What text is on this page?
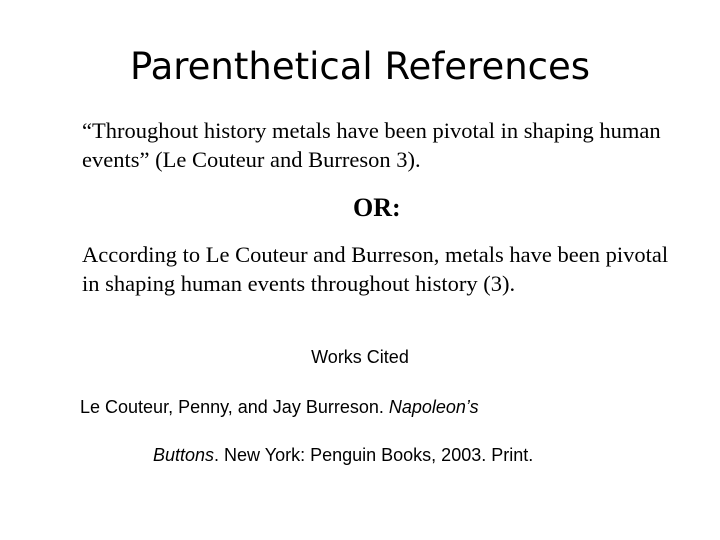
Parenthetical References

“Throughout history metals have been pivotal in shaping human events” (Le Couteur and Burreson 3).

OR:

According to Le Couteur and Burreson, metals have been pivotal in shaping human events throughout history (3).

Works Cited

Le Couteur, Penny, and Jay Burreson. Napoleon’s

Buttons. New York: Penguin Books, 2003. Print.
